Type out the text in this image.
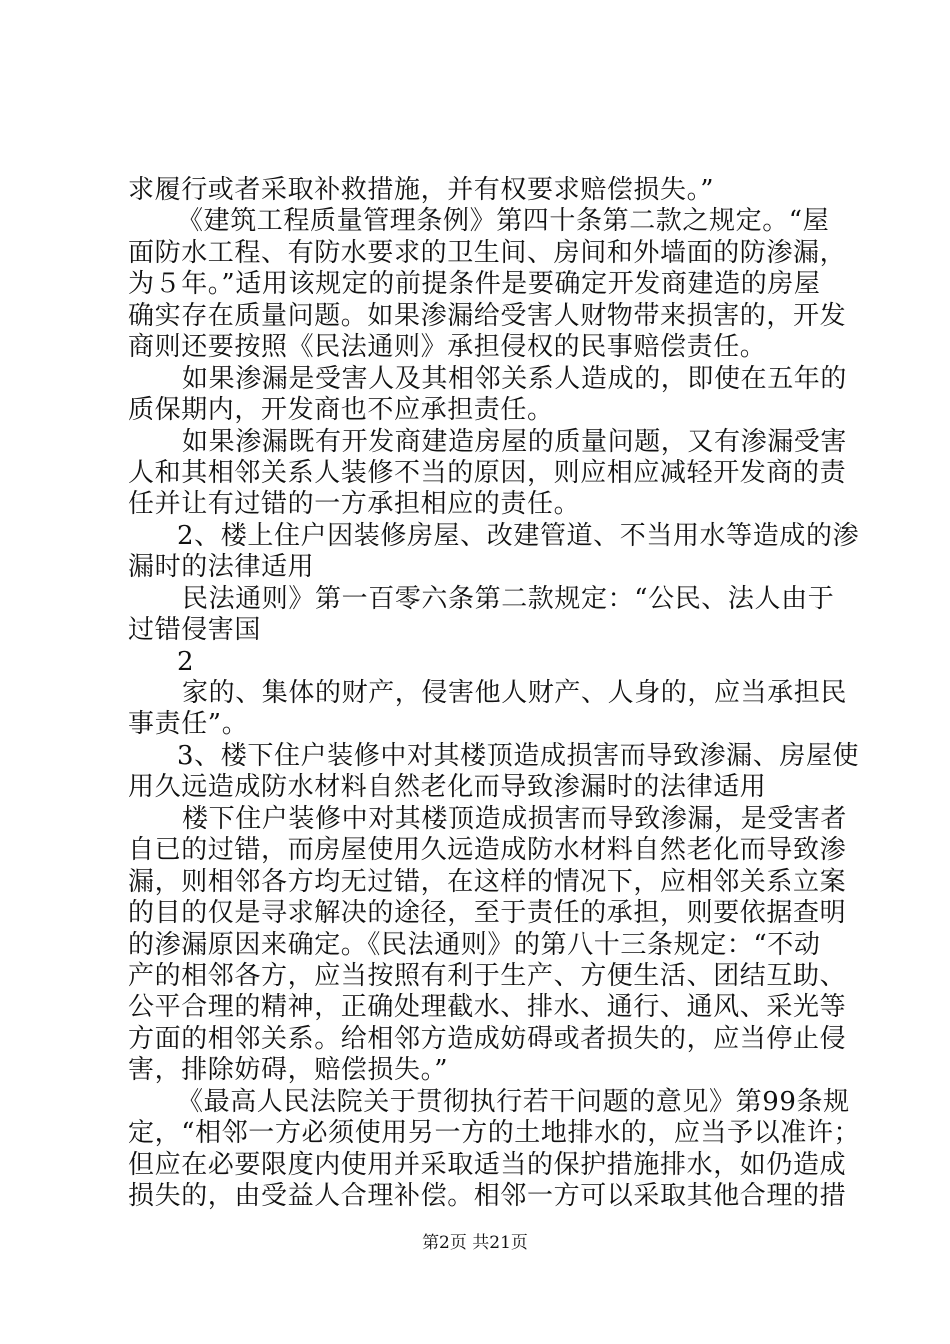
求履行或者采取补救措施，并有权要求赔偿损失。”
《建筑工程质量管理条例》第四十条第二款之规定。“屋
面防水工程、有防水要求的卫生间、房间和外墙面的防渗漏，
为５年。”适用该规定的前提条件是要确定开发商建造的房屋
确实存在质量问题。如果渗漏给受害人财物带来损害的，开发
商则还要按照《民法通则》承担侵权的民事赔偿责任。
如果渗漏是受害人及其相邻关系人造成的，即使在五年的
质保期内，开发商也不应承担责任。
如果渗漏既有开发商建造房屋的质量问题，又有渗漏受害
人和其相邻关系人装修不当的原因，则应相应减轻开发商的责
任并让有过错的一方承担相应的责任。
2、楼上住户因装修房屋、改建管道、不当用水等造成的渗
漏时的法律适用
民法通则》第一百零六条第二款规定：“公民、法人由于
过错侵害国
2
家的、集体的财产，侵害他人财产、人身的，应当承担民
事责任”。
3、楼下住户装修中对其楼顶造成损害而导致渗漏、房屋使
用久远造成防水材料自然老化而导致渗漏时的法律适用
楼下住户装修中对其楼顶造成损害而导致渗漏，是受害者
自已的过错，而房屋使用久远造成防水材料自然老化而导致渗
漏，则相邻各方均无过错，在这样的情况下，应相邻关系立案
的目的仅是寻求解决的途径，至于责任的承担，则要依据查明
的渗漏原因来确定。《民法通则》的第八十三条规定：“不动
产的相邻各方，应当按照有利于生产、方便生活、团结互助、
公平合理的精神，正确处理截水、排水、通行、通风、采光等
方面的相邻关系。给相邻方造成妨碍或者损失的，应当停止侵
害，排除妨碍，赔偿损失。”
《最高人民法院关于贯彻执行若干问题的意见》第99条规
定，“相邻一方必须使用另一方的土地排水的，应当予以准许；
但应在必要限度内使用并采取适当的保护措施排水，如仍造成
损失的，由受益人合理补偿。相邻一方可以采取其他合理的措
第2页 共21页
